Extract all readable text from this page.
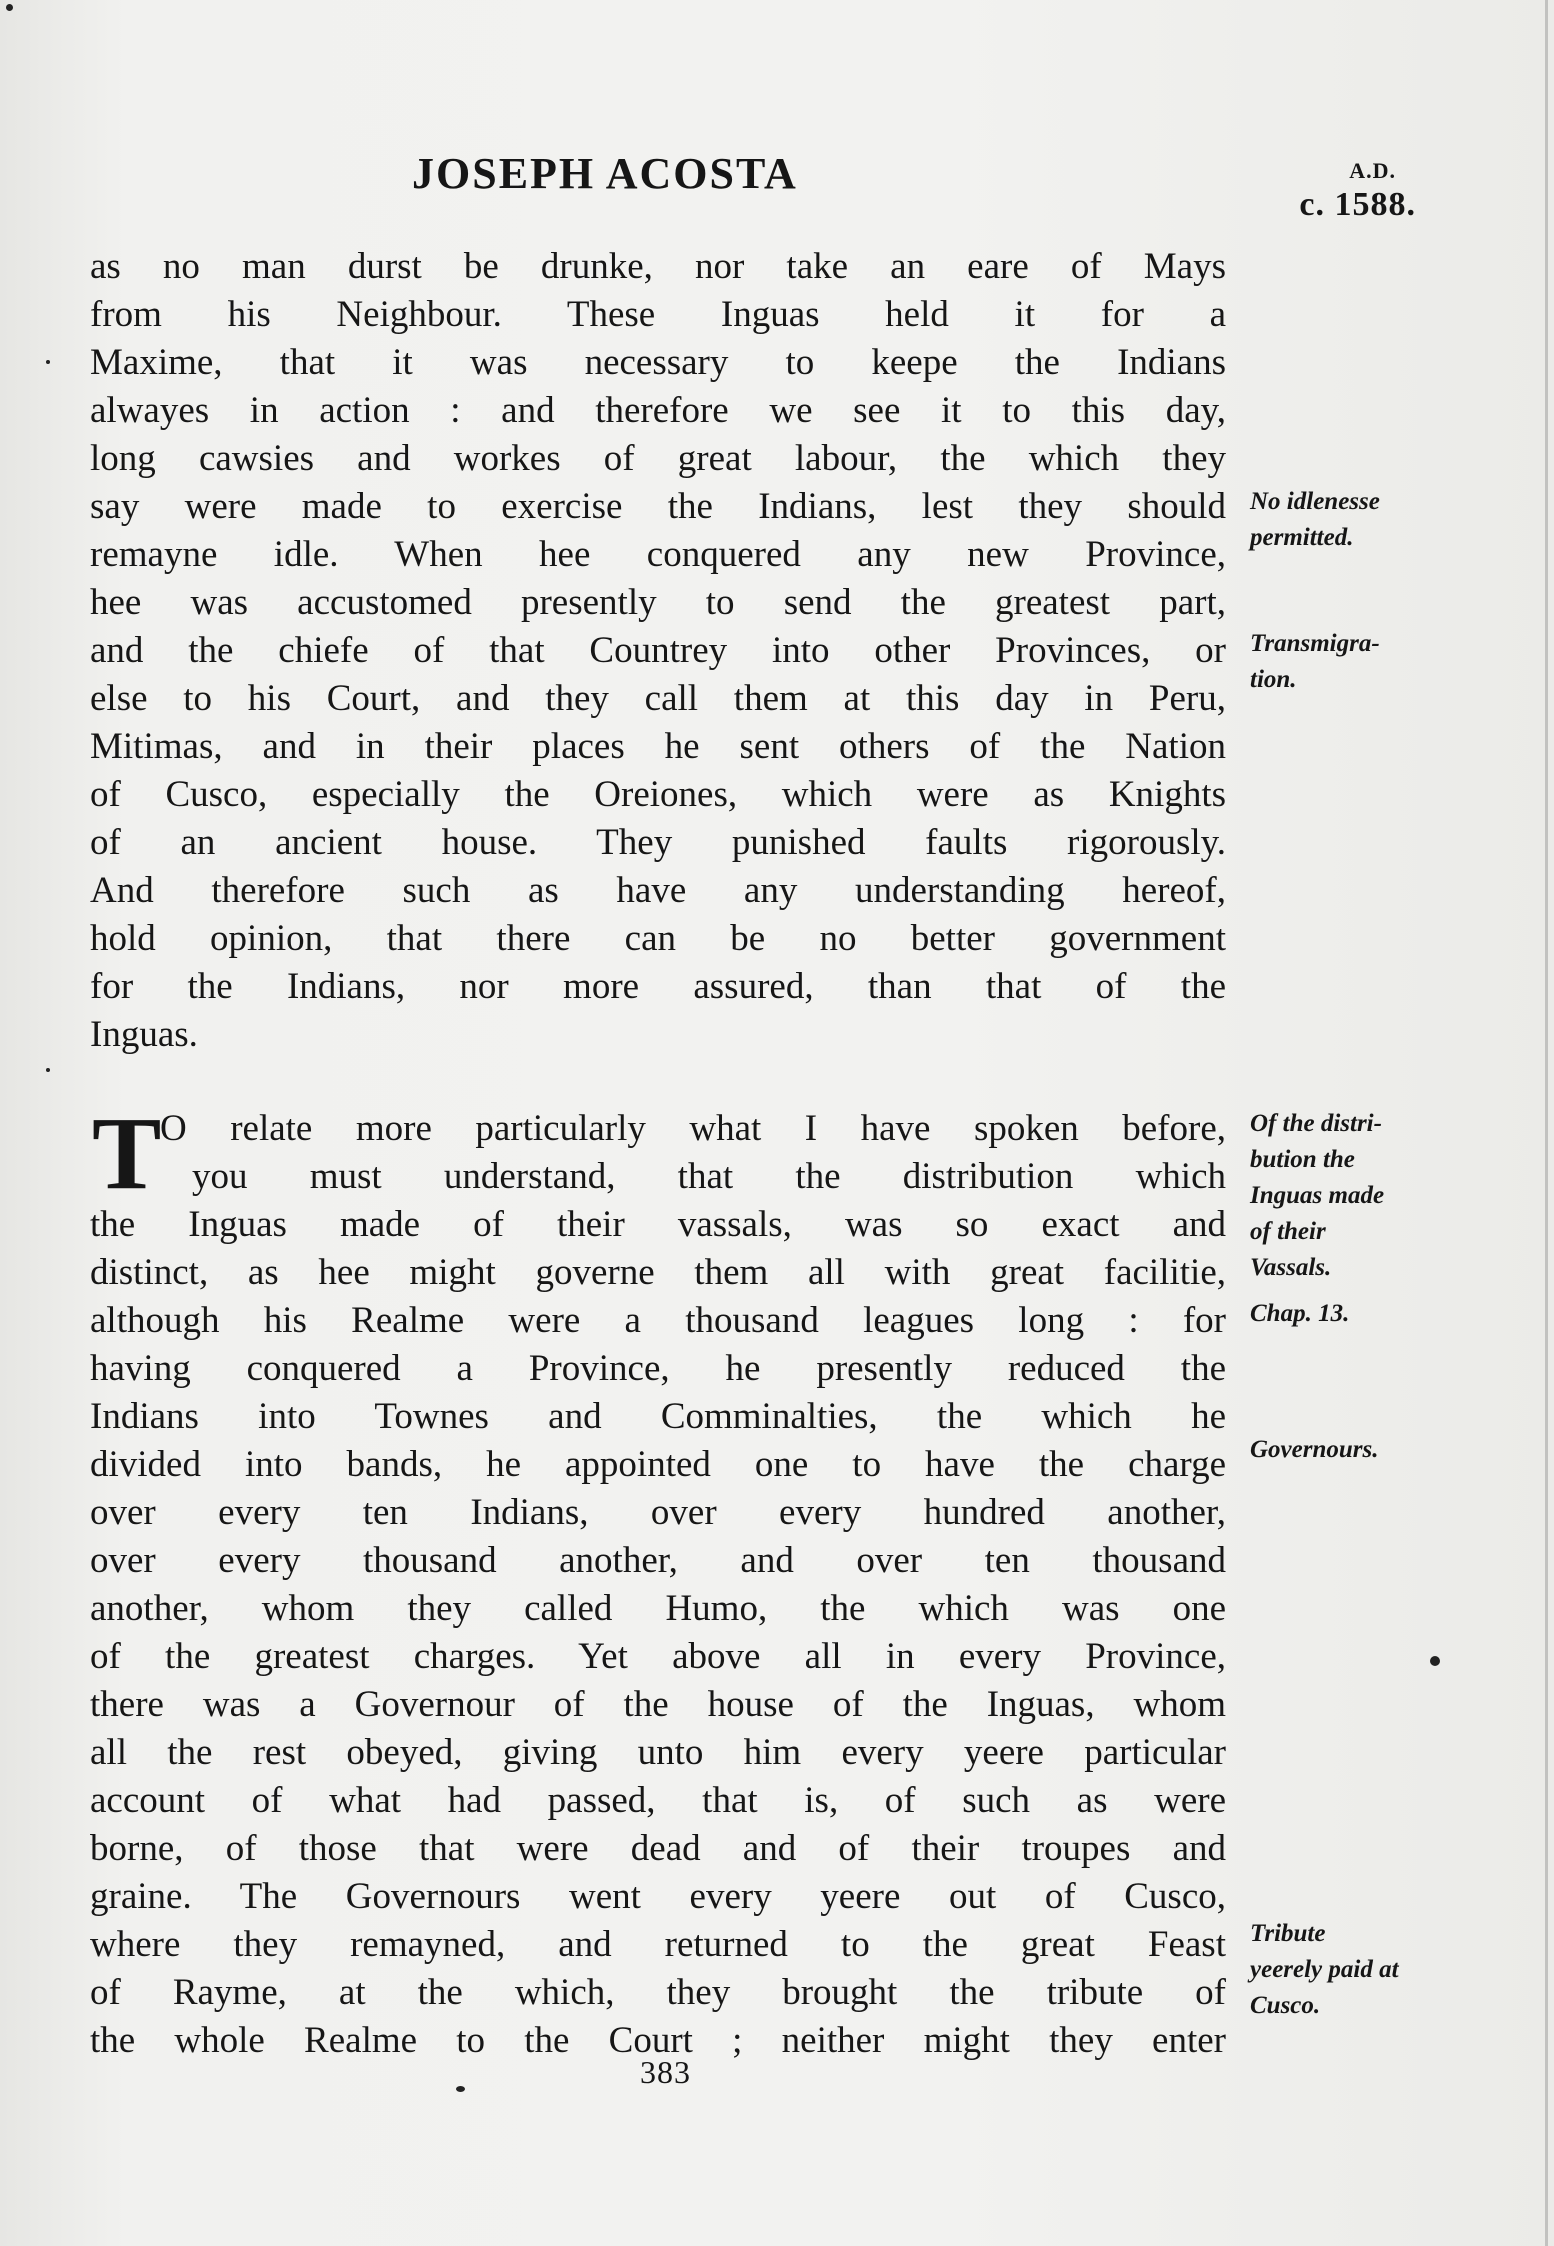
JOSEPH ACOSTA	A.D.
c. 1588.
as no man durst be drunke, nor take an eare of Mays
from his Neighbour. These Inguas held it for a
Maxime, that it was necessary to keepe the Indians
alwayes in action : and therefore we see it to this day,
long cawsies and workes of great labour, the which they
say were made to exercise the Indians, lest they should
remayne idle. When hee conquered any new Province,
hee was accustomed presently to send the greatest part,
and the chiefe of that Countrey into other Provinces, or
else to his Court, and they call them at this day in Peru,
Mitimas, and in their places he sent others of the Nation
of Cusco, especially the Oreiones, which were as Knights
of an ancient house. They punished faults rigorously.
And therefore such as have any understanding hereof,
hold opinion, that there can be no better government
for the Indians, nor more assured, than that of the
Inguas.
T
O relate more particularly what I have spoken before,
you must understand, that the distribution which
the Inguas made of their vassals, was so exact and
distinct, as hee might governe them all with great facilitie,
although his Realme were a thousand leagues long : for
having conquered a Province, he presently reduced the
Indians into Townes and Comminalties, the which he
divided into bands, he appointed one to have the charge
over every ten Indians, over every hundred another,
over every thousand another, and over ten thousand
another, whom they called Humo, the which was one
of the greatest charges. Yet above all in every Province,
there was a Governour of the house of the Inguas, whom
all the rest obeyed, giving unto him every yeere particular
account of what had passed, that is, of such as were
borne, of those that were dead and of their troupes and
graine. The Governours went every yeere out of Cusco,
where they remayned, and returned to the great Feast
of Rayme, at the which, they brought the tribute of
the whole Realme to the Court ; neither might they enter
No idlenesse
permitted.
Transmigra-
tion.
Of the distri-
bution the
Inguas made
of their
Vassals.
Chap. 13.
Governours.
Tribute
yeerely paid at
Cusco.
383
